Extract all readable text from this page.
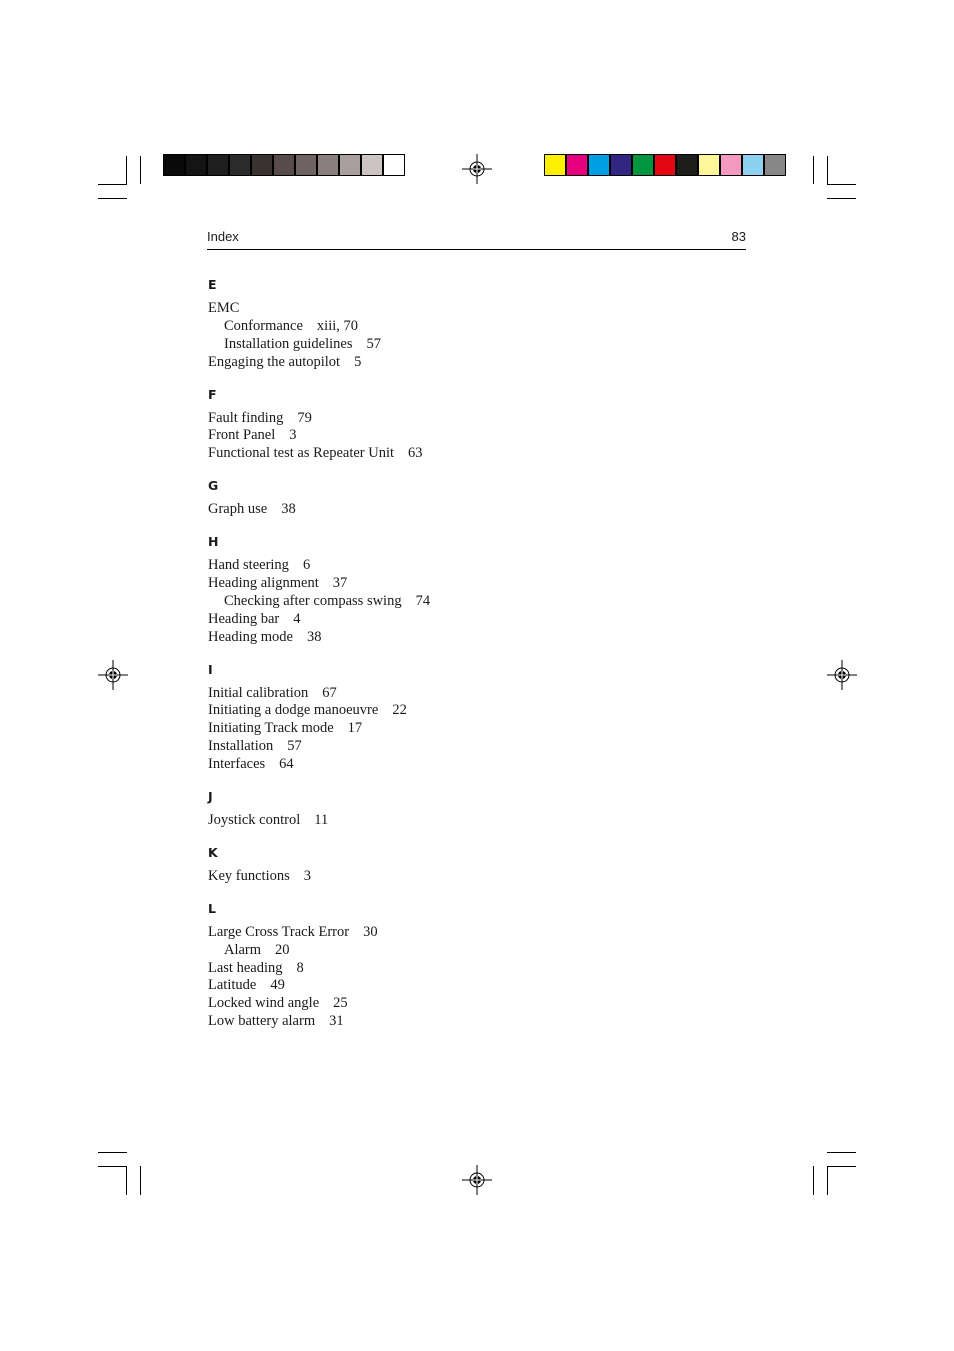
Index	83
E
EMC
Conformance xiii, 70
Installation guidelines 57
Engaging the autopilot 5
F
Fault finding 79
Front Panel 3
Functional test as Repeater Unit 63
G
Graph use 38
H
Hand steering 6
Heading alignment 37
Checking after compass swing 74
Heading bar 4
Heading mode 38
I
Initial calibration 67
Initiating a dodge manoeuvre 22
Initiating Track mode 17
Installation 57
Interfaces 64
J
Joystick control 11
K
Key functions 3
L
Large Cross Track Error 30
Alarm 20
Last heading 8
Latitude 49
Locked wind angle 25
Low battery alarm 31
